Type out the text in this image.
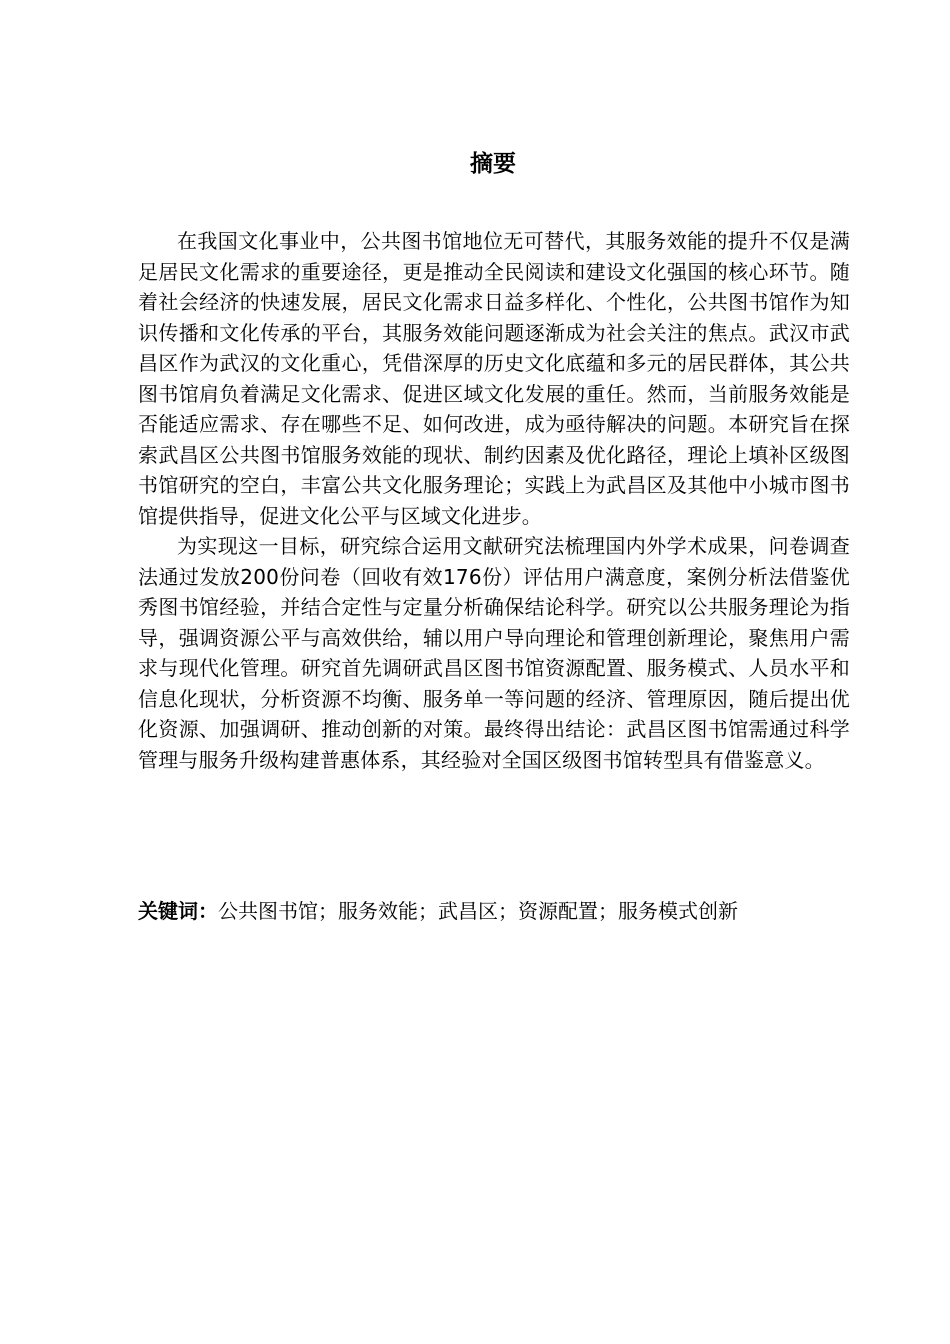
摘要

在我国文化事业中，公共图书馆地位无可替代，其服务效能的提升不仅是满足居民文化需求的重要途径，更是推动全民阅读和建设文化强国的核心环节。随着社会经济的快速发展，居民文化需求日益多样化、个性化，公共图书馆作为知识传播和文化传承的平台，其服务效能问题逐渐成为社会关注的焦点。武汉市武昌区作为武汉的文化重心，凭借深厚的历史文化底蕴和多元的居民群体，其公共图书馆肩负着满足文化需求、促进区域文化发展的重任。然而，当前服务效能是否能适应需求、存在哪些不足、如何改进，成为亟待解决的问题。本研究旨在探索武昌区公共图书馆服务效能的现状、制约因素及优化路径，理论上填补区级图书馆研究的空白，丰富公共文化服务理论；实践上为武昌区及其他中小城市图书馆提供指导，促进文化公平与区域文化进步。

为实现这一目标，研究综合运用文献研究法梳理国内外学术成果，问卷调查法通过发放200份问卷（回收有效176份）评估用户满意度，案例分析法借鉴优秀图书馆经验，并结合定性与定量分析确保结论科学。研究以公共服务理论为指导，强调资源公平与高效供给，辅以用户导向理论和管理创新理论，聚焦用户需求与现代化管理。研究首先调研武昌区图书馆资源配置、服务模式、人员水平和信息化现状，分析资源不均衡、服务单一等问题的经济、管理原因，随后提出优化资源、加强调研、推动创新的对策。最终得出结论：武昌区图书馆需通过科学管理与服务升级构建普惠体系，其经验对全国区级图书馆转型具有借鉴意义。

关键词：公共图书馆；服务效能；武昌区；资源配置；服务模式创新
